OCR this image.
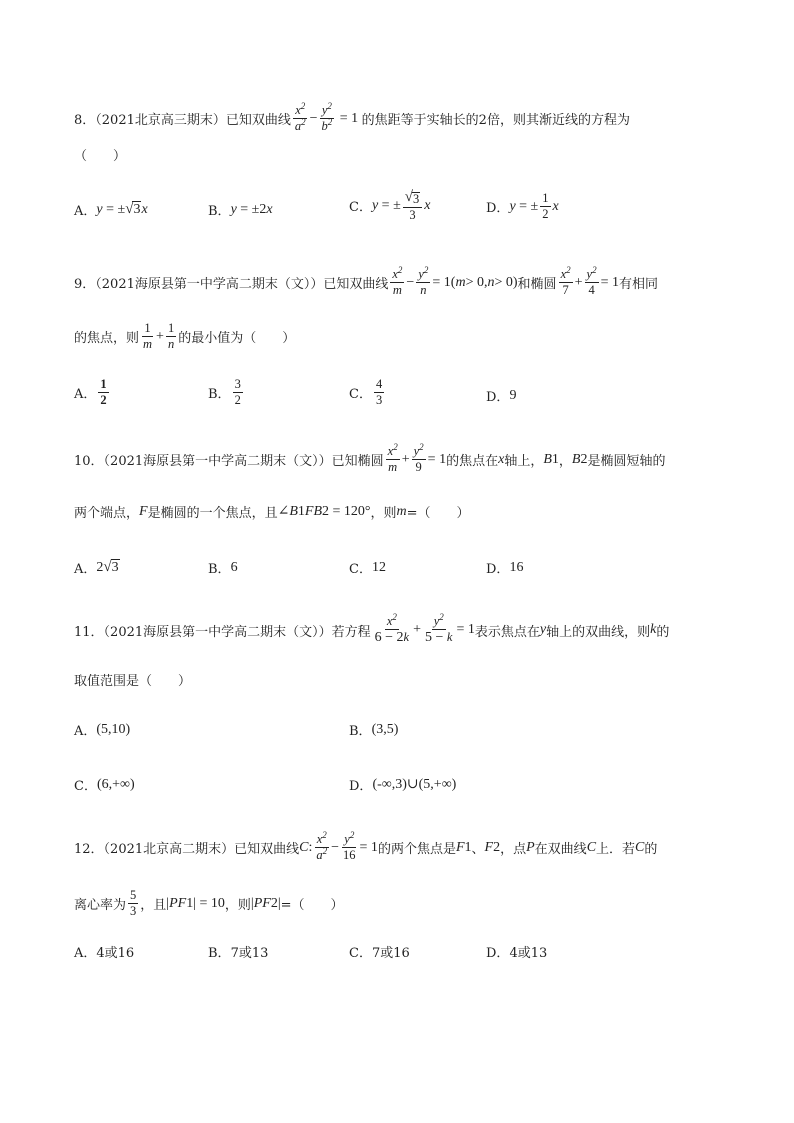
8．（2021北京高三期末）已知双曲线 $\frac{x^2}{a^2} - \frac{y^2}{b^2} = 1$ 的焦距等于实轴长的2倍，则其渐近线的方程为
（　　）
A． y = ± √ 3 x	B． y = ±2 x	C． y = ± $\frac{√ 3}{3}$ x	D． y = ± $\frac{1}{2}$ x
9．（2021海原县第一中学高二期末（文））已知双曲线 $\frac{x^2}{m} - \frac{y^2}{n} = 1$( m > 0, n > 0) 和椭圆 $\frac{x^2}{7} + \frac{y^2}{4} = 1$ 有相同
的焦点，则 $\frac{1}{m} + \frac{1}{n}$ 的最小值为（　　）
A． $\frac{1}{2}$	B． $\frac{3}{2}$	C． $\frac{4}{3}$	D． 9
10．（2021海原县第一中学高二期末（文））已知椭圆 $\frac{x^2}{m} + \frac{y^2}{9} = 1$ 的焦点在 x 轴上， B 1 ， B 2 是椭圆短轴的
两个端点， F 是椭圆的一个焦点，且 ∠ B 1 FB 2 = 120° ，则 m =（　　）
A． 2 √ 3	B． 6	C． 12	D． 16
11．（2021海原县第一中学高二期末（文））若方程 $\frac{x^2}{6 - 2k} + \frac{y^2}{5 - k} = 1$ 表示焦点在 y 轴上的双曲线，则 k 的
取值范围是（　　）
A． (5,10)	B． (3,5)
C． (6,+∞)	D． (-∞,3)∪(5,+∞)
12．（2021北京高二期末）已知双曲线 C : $\frac{x^2}{a^2} - \frac{y^2}{16} = 1$ 的两个焦点是 F 1 、 F 2 ，点 P 在双曲线 C 上．若 C 的
离心率为 $\frac{5}{3}$ ，且 | PF 1 | = 10 ，则 | PF 2 | =（　　）
A． 4或16	B． 7或13	C． 7或16	D． 4或13
